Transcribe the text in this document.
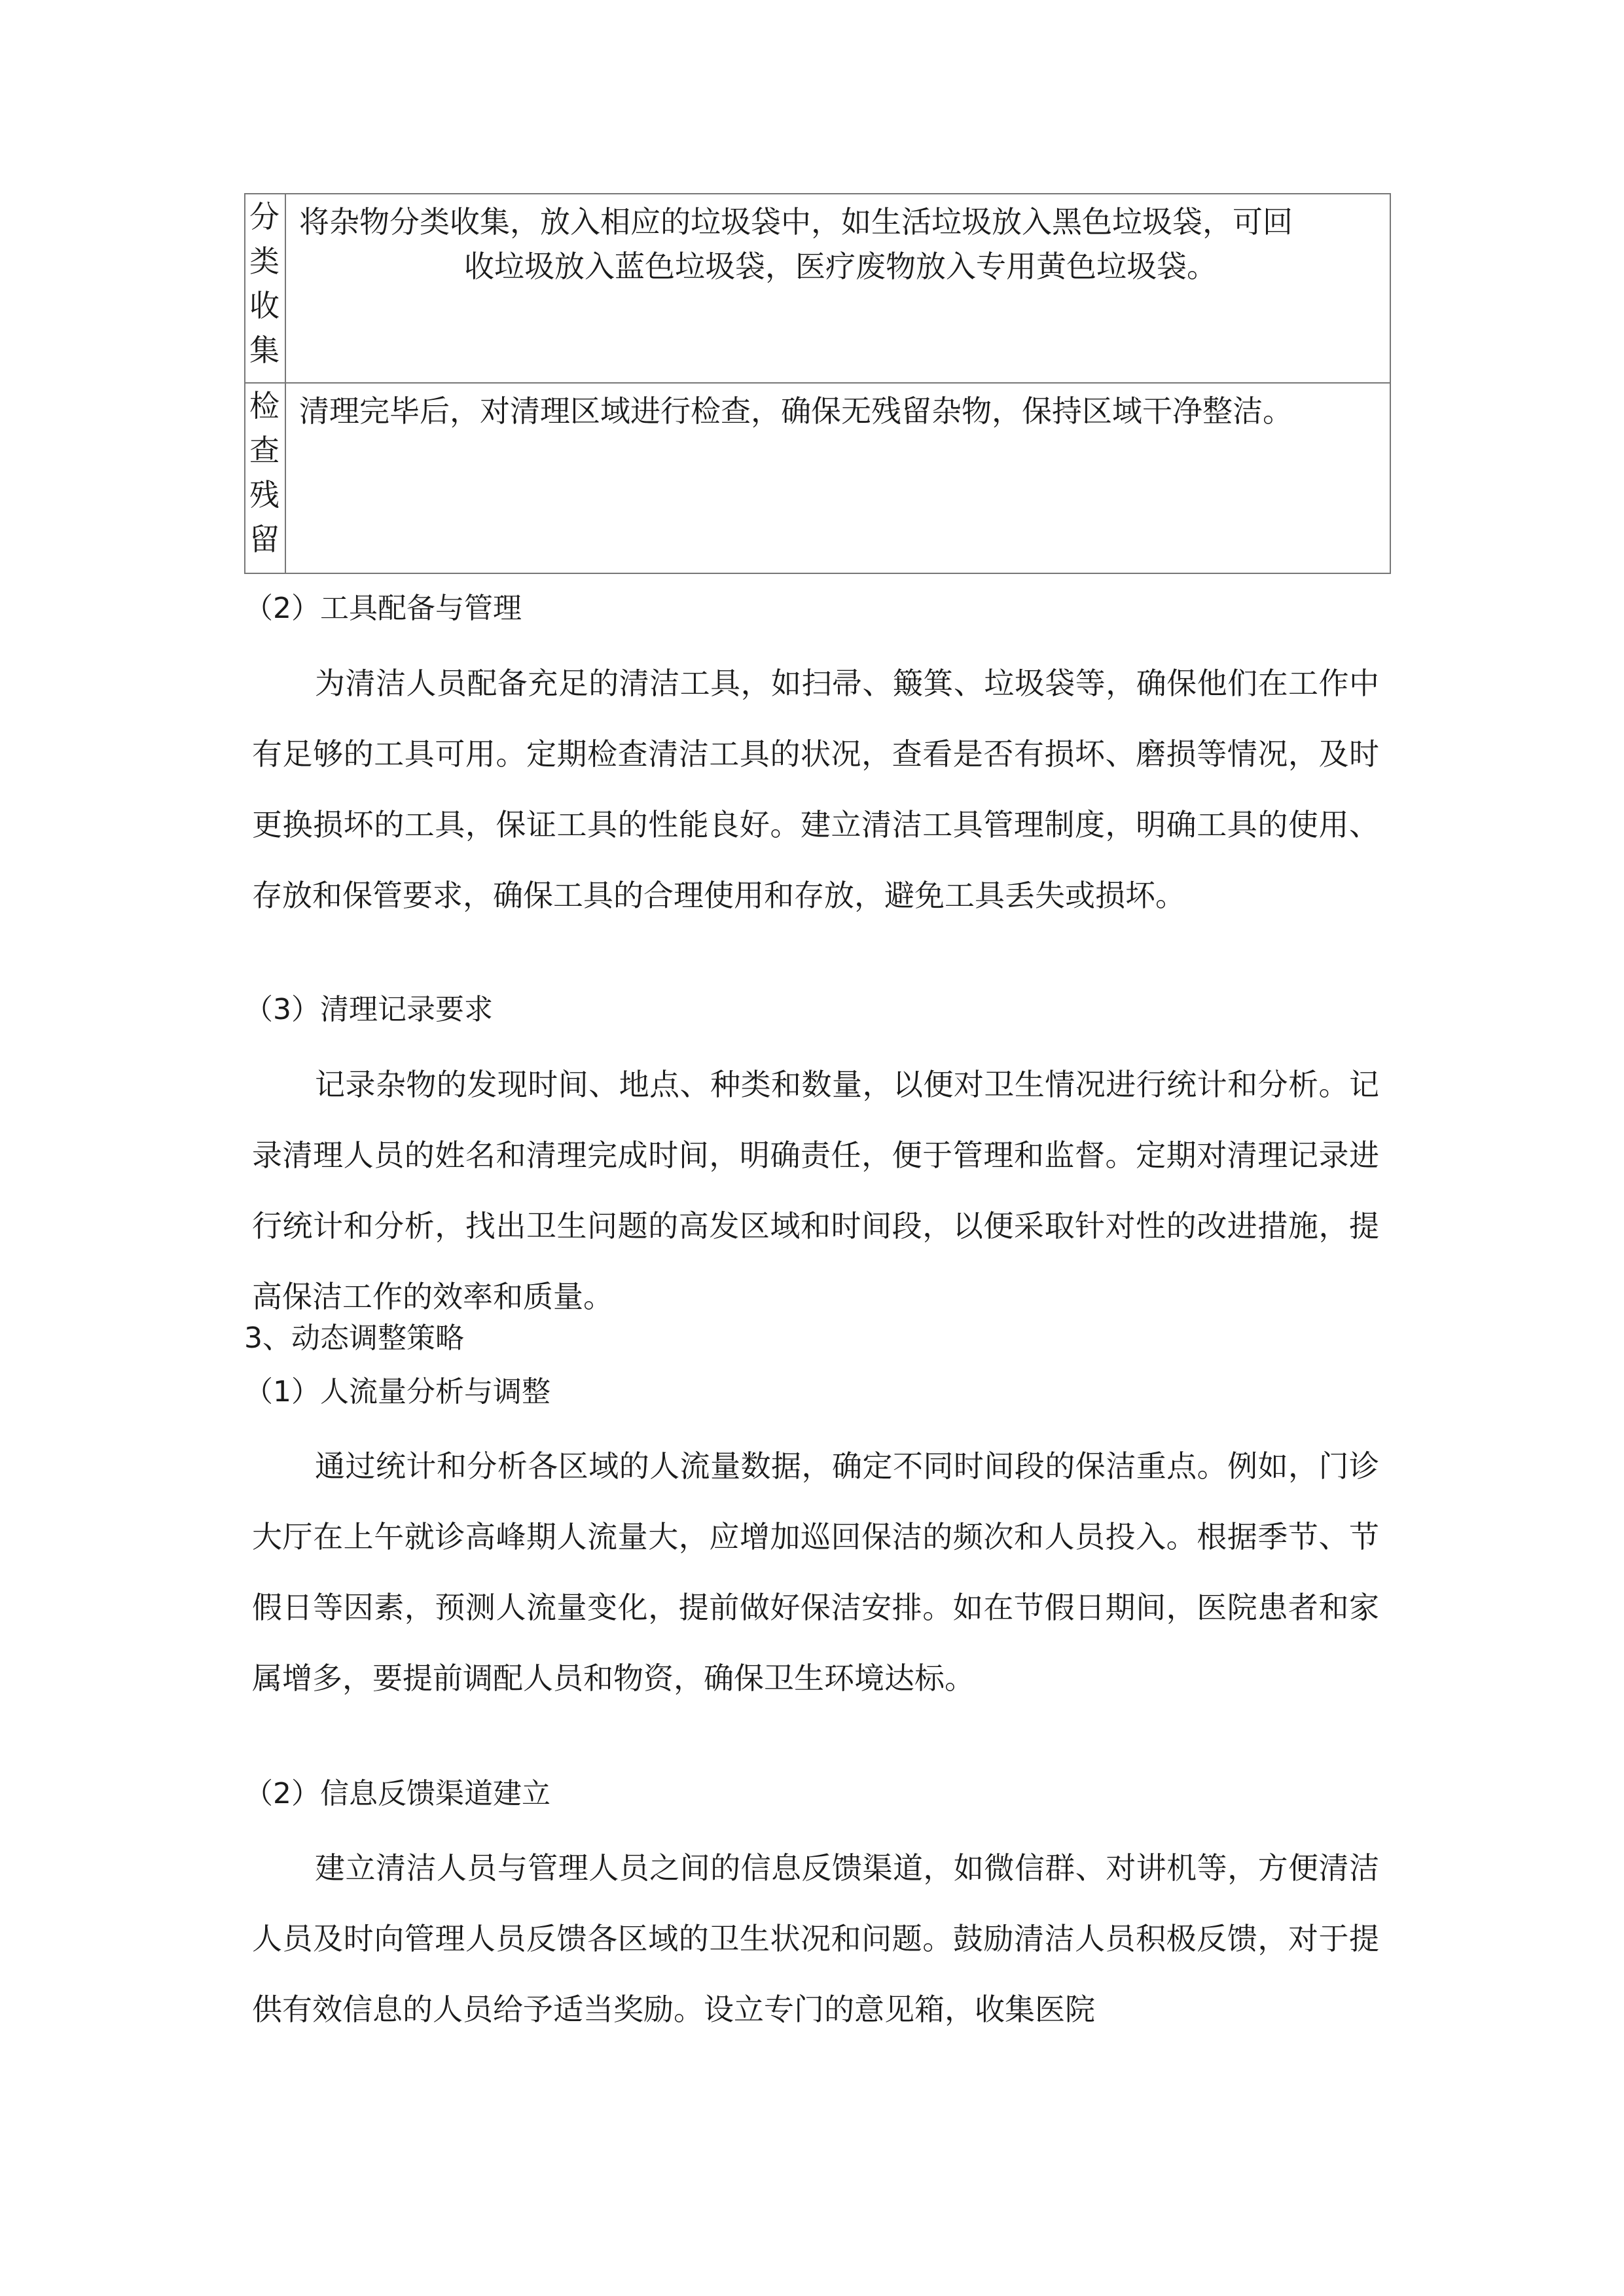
分
类
收
集
将杂物分类收集，放入相应的垃圾袋中，如生活垃圾放入黑色垃圾袋，可回
收垃圾放入蓝色垃圾袋，医疗废物放入专用黄色垃圾袋。
检
查
残
留
清理完毕后，对清理区域进行检查，确保无残留杂物，保持区域干净整洁。
（2）工具配备与管理
为清洁人员配备充足的清洁工具，如扫帚、簸箕、垃圾袋等，确保他们在工作中有足够的工具可用。定期检查清洁工具的状况，查看是否有损坏、磨损等情况，及时更换损坏的工具，保证工具的性能良好。建立清洁工具管理制度，明确工具的使用、存放和保管要求，确保工具的合理使用和存放，避免工具丢失或损坏。
（3）清理记录要求
记录杂物的发现时间、地点、种类和数量，以便对卫生情况进行统计和分析。记录清理人员的姓名和清理完成时间，明确责任，便于管理和监督。定期对清理记录进行统计和分析，找出卫生问题的高发区域和时间段，以便采取针对性的改进措施，提高保洁工作的效率和质量。
3、动态调整策略
（1）人流量分析与调整
通过统计和分析各区域的人流量数据，确定不同时间段的保洁重点。例如，门诊大厅在上午就诊高峰期人流量大，应增加巡回保洁的频次和人员投入。根据季节、节假日等因素，预测人流量变化，提前做好保洁安排。如在节假日期间，医院患者和家属增多，要提前调配人员和物资，确保卫生环境达标。
（2）信息反馈渠道建立
建立清洁人员与管理人员之间的信息反馈渠道，如微信群、对讲机等，方便清洁人员及时向管理人员反馈各区域的卫生状况和问题。鼓励清洁人员积极反馈，对于提供有效信息的人员给予适当奖励。设立专门的意见箱，收集医院
